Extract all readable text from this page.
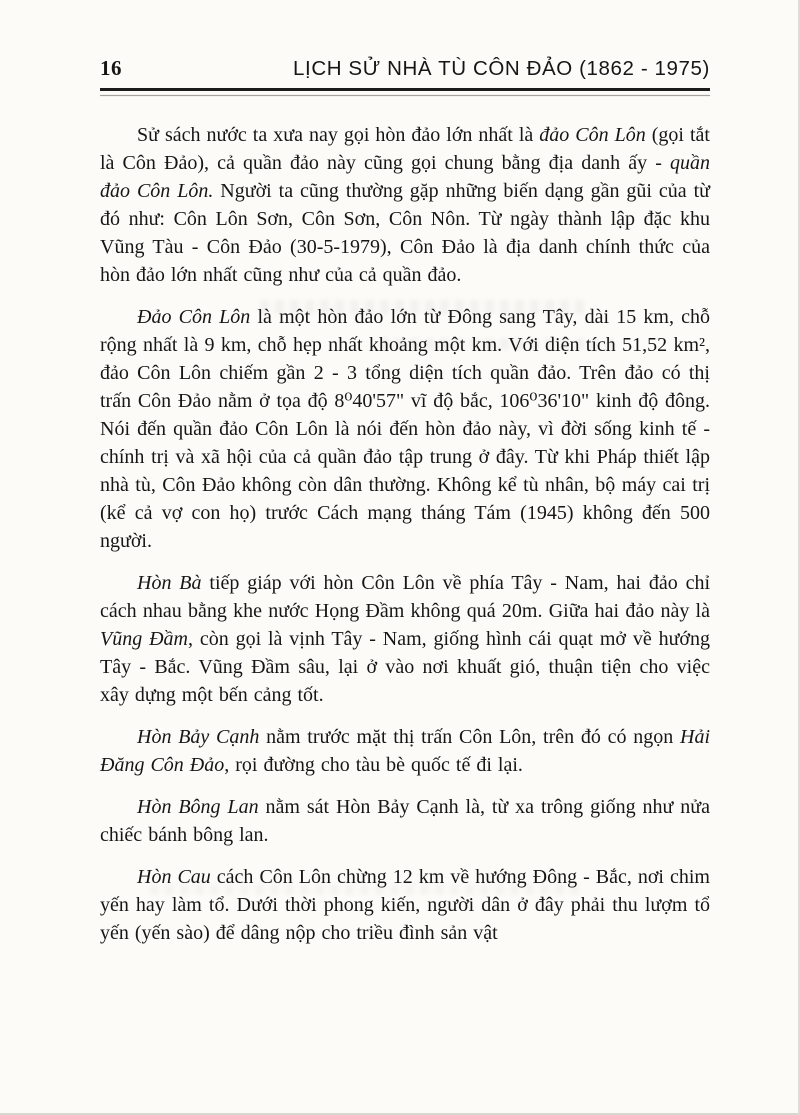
16	LỊCH SỬ NHÀ TÙ CÔN ĐẢO (1862 - 1975)

Sử sách nước ta xưa nay gọi hòn đảo lớn nhất là đảo Côn Lôn (gọi tắt là Côn Đảo), cả quần đảo này cũng gọi chung bằng địa danh ấy - quần đảo Côn Lôn. Người ta cũng thường gặp những biến dạng gần gũi của từ đó như: Côn Lôn Sơn, Côn Sơn, Côn Nôn. Từ ngày thành lập đặc khu Vũng Tàu - Côn Đảo (30-5-1979), Côn Đảo là địa danh chính thức của hòn đảo lớn nhất cũng như của cả quần đảo.

Đảo Côn Lôn là một hòn đảo lớn từ Đông sang Tây, dài 15 km, chỗ rộng nhất là 9 km, chỗ hẹp nhất khoảng một km. Với diện tích 51,52 km², đảo Côn Lôn chiếm gần 2 - 3 tổng diện tích quần đảo. Trên đảo có thị trấn Côn Đảo nằm ở tọa độ 8⁰40'57" vĩ độ bắc, 106⁰36'10" kinh độ đông. Nói đến quần đảo Côn Lôn là nói đến hòn đảo này, vì đời sống kinh tế - chính trị và xã hội của cả quần đảo tập trung ở đây. Từ khi Pháp thiết lập nhà tù, Côn Đảo không còn dân thường. Không kể tù nhân, bộ máy cai trị (kể cả vợ con họ) trước Cách mạng tháng Tám (1945) không đến 500 người.

Hòn Bà tiếp giáp với hòn Côn Lôn về phía Tây - Nam, hai đảo chỉ cách nhau bằng khe nước Họng Đầm không quá 20m. Giữa hai đảo này là Vũng Đầm, còn gọi là vịnh Tây - Nam, giống hình cái quạt mở về hướng Tây - Bắc. Vũng Đầm sâu, lại ở vào nơi khuất gió, thuận tiện cho việc xây dựng một bến cảng tốt.

Hòn Bảy Cạnh nằm trước mặt thị trấn Côn Lôn, trên đó có ngọn Hải Đăng Côn Đảo, rọi đường cho tàu bè quốc tế đi lại.

Hòn Bông Lan nằm sát Hòn Bảy Cạnh là, từ xa trông giống như nửa chiếc bánh bông lan.

Hòn Cau cách Côn Lôn chừng 12 km về hướng Đông - Bắc, nơi chim yến hay làm tổ. Dưới thời phong kiến, người dân ở đây phải thu lượm tổ yến (yến sào) để dâng nộp cho triều đình sản vật
